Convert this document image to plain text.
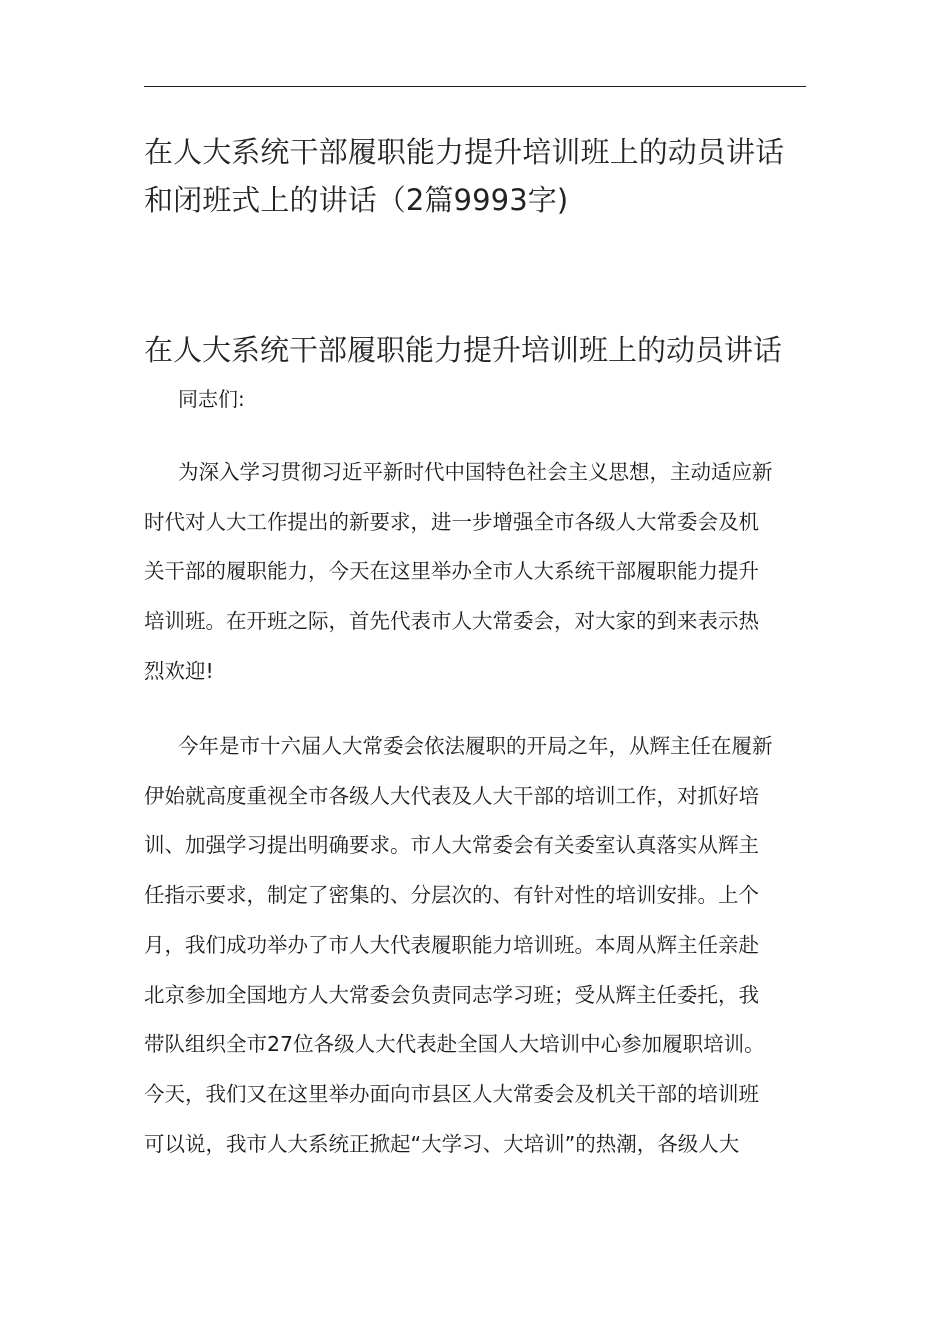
在人大系统干部履职能力提升培训班上的动员讲话和闭班式上的讲话（2篇9993字)
在人大系统干部履职能力提升培训班上的动员讲话

同志们:

为深入学习贯彻习近平新时代中国特色社会主义思想，主动适应新
时代对人大工作提出的新要求，进一步增强全市各级人大常委会及机
关干部的履职能力，今天在这里举办全市人大系统干部履职能力提升
培训班。在开班之际，首先代表市人大常委会，对大家的到来表示热
烈欢迎!
今年是市十六届人大常委会依法履职的开局之年，从辉主任在履新
伊始就高度重视全市各级人大代表及人大干部的培训工作，对抓好培
训、加强学习提出明确要求。市人大常委会有关委室认真落实从辉主
任指示要求，制定了密集的、分层次的、有针对性的培训安排。上个
月，我们成功举办了市人大代表履职能力培训班。本周从辉主任亲赴
北京参加全国地方人大常委会负责同志学习班；受从辉主任委托，我
带队组织全市27位各级人大代表赴全国人大培训中心参加履职培训。
今天，我们又在这里举办面向市县区人大常委会及机关干部的培训班
可以说，我市人大系统正掀起“大学习、大培训”的热潮，各级人大
